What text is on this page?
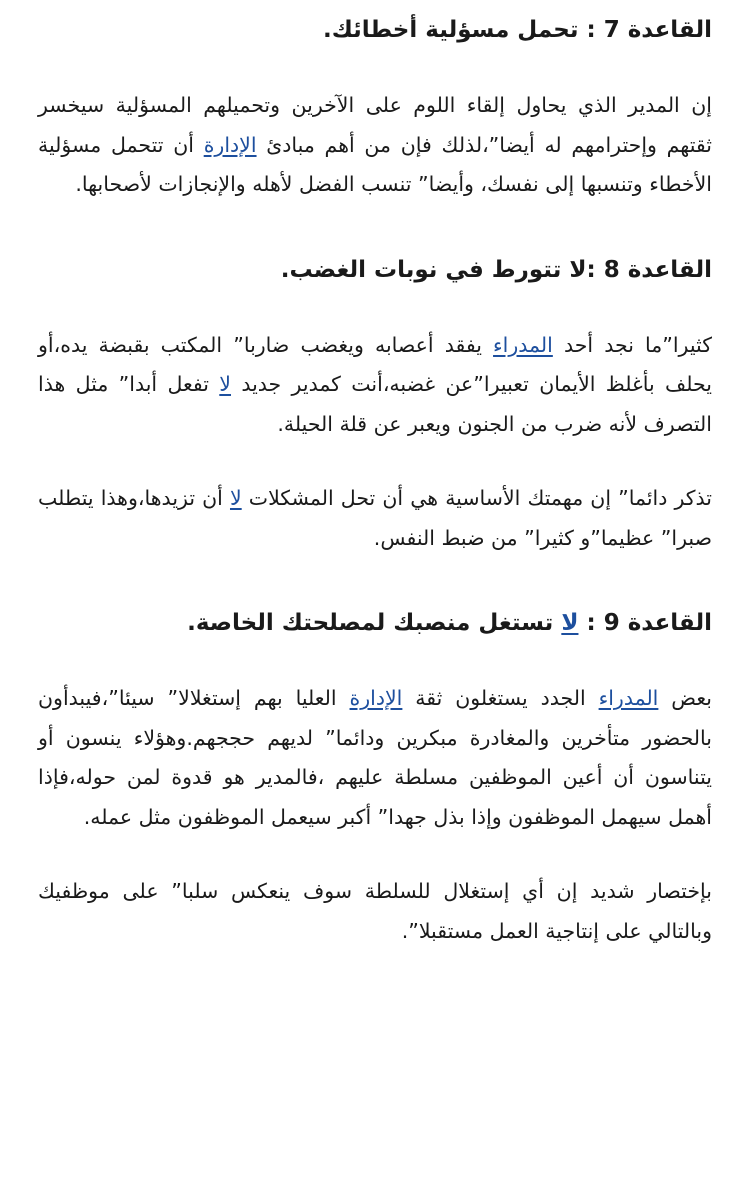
القاعدة 7 : تحمل مسؤلية أخطائك.

إن المدير الذي يحاول إلقاء اللوم على الآخرين وتحميلهم المسؤلية سيخسر ثقتهم وإحترامهم له أيضا”،لذلك فإن من أهم مبادئ الإدارة أن تتحمل مسؤلية الأخطاء وتنسبها إلى نفسك، وأيضا” تنسب الفضل لأهله والإنجازات لأصحابها.

القاعدة 8 :لا تتورط في نوبات الغضب.

كثيرا”ما نجد أحد المدراء يفقد أعصابه ويغضب ضاربا” المكتب بقبضة يده،أو يحلف بأغلظ الأيمان تعبيرا”عن غضبه،أنت كمدير جديد لا تفعل أبدا” مثل هذا التصرف لأنه ضرب من الجنون ويعبر عن قلة الحيلة.

تذكر دائما” إن مهمتك الأساسية هي أن تحل المشكلات لا أن تزيدها،وهذا يتطلب صبرا” عظيما”و كثيرا” من ضبط النفس.

القاعدة 9 : لا تستغل منصبك لمصلحتك الخاصة.

بعض المدراء الجدد يستغلون ثقة الإدارة العليا بهم إستغلالا” سيئا”،فيبدأون بالحضور متأخرين والمغادرة مبكرين ودائما” لديهم حججهم.وهؤلاء ينسون أو يتناسون أن أعين الموظفين مسلطة عليهم ،فالمدير هو قدوة لمن حوله،فإذا أهمل سيهمل الموظفون وإذا بذل جهدا” أكبر سيعمل الموظفون مثل عمله.

بإختصار شديد إن أي إستغلال للسلطة سوف ينعكس سلبا” على موظفيك وبالتالي على إنتاجية العمل مستقبلا”.
